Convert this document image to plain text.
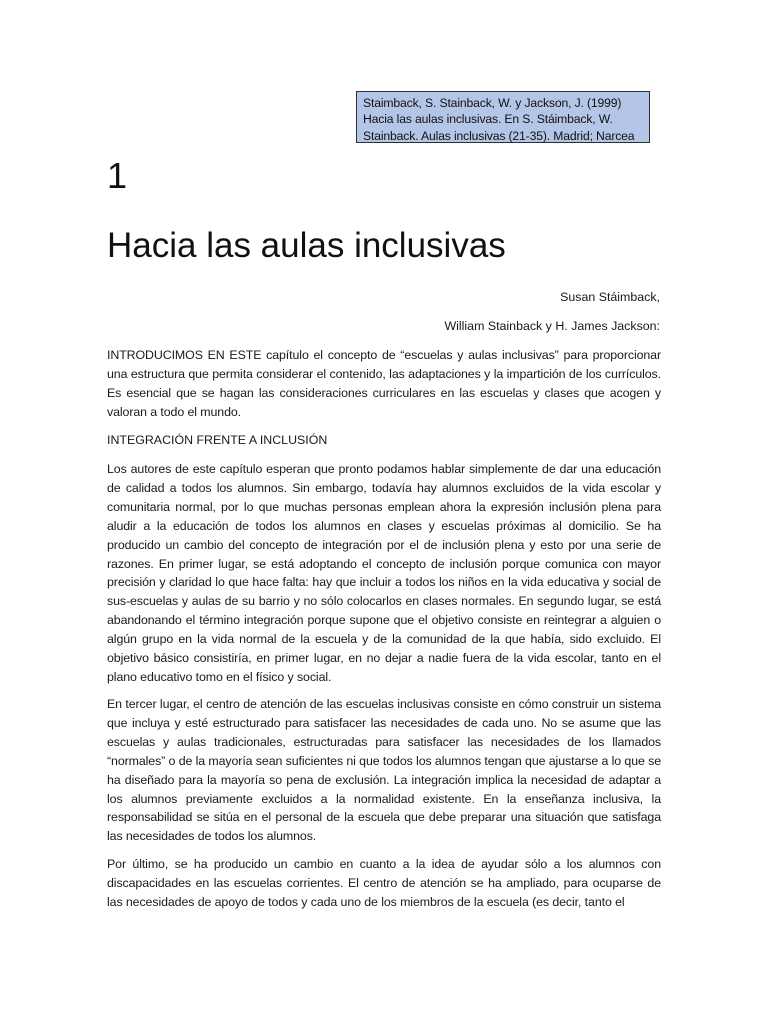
Staimback, S. Stainback, W. y Jackson, J. (1999)
Hacia las aulas inclusivas. En S. Stáimback, W.
Stainback. Aulas inclusivas (21-35). Madrid; Narcea
1
Hacia las aulas inclusivas
Susan Stáimback,
William Stainback y H. James Jackson:

INTRODUCIMOS EN ESTE capítulo el concepto de “escuelas y aulas inclusivas” para proporcionar una estructura que permita considerar el contenido, las adaptaciones y la impartición de los currículos. Es esencial que se hagan las consideraciones curriculares en las escuelas y clases que acogen y valoran a todo el mundo.

INTEGRACIÓN FRENTE A INCLUSIÓN

Los autores de este capítulo esperan que pronto podamos hablar simplemente de dar una educación de calidad a todos los alumnos. Sin embargo, todavía hay alumnos excluidos de la vida escolar y comunitaria normal, por lo que muchas personas emplean ahora la expresión inclusión plena para aludir a la educación de todos los alumnos en clases y escuelas próximas al domicilio. Se ha producido un cambio del concepto de integración por el de inclusión plena y esto por una serie de razones. En primer lugar, se está adoptando el concepto de inclusión porque comunica con mayor precisión y claridad lo que hace falta: hay que incluir a todos los niños en la vida educativa y social de sus-escuelas y aulas de su barrio y no sólo colocarlos en clases normales. En segundo lugar, se está abandonando el término integración porque supone que el objetivo consiste en reintegrar a alguien o algún grupo en la vida normal de la escuela y de la comunidad de la que había, sido excluido. El objetivo básico consistiría, en primer lugar, en no dejar a nadie fuera de la vida escolar, tanto en el plano educativo tomo en el físico y social.

En tercer lugar, el centro de atención de las escuelas inclusivas consiste en cómo construir un sistema que incluya y esté estructurado para satisfacer las necesidades de cada uno. No se asume que las escuelas y aulas tradicionales, estructuradas para satisfacer las necesidades de los llamados “normales” o de la mayoría sean suficientes ni que todos los alumnos tengan que ajustarse a lo que se ha diseñado para la mayoría so pena de exclusión. La integración implica la necesidad de adaptar a los alumnos previamente excluidos a la normalidad existente. En la enseñanza inclusiva, la responsabilidad se sitúa en el personal de la escuela que debe preparar una situación que satisfaga las necesidades de todos los alumnos.

Por último, se ha producido un cambio en cuanto a la idea de ayudar sólo a los alumnos con discapacidades en las escuelas corrientes. El centro de atención se ha ampliado, para ocuparse de las necesidades de apoyo de todos y cada uno de los miembros de la escuela (es decir, tanto el
